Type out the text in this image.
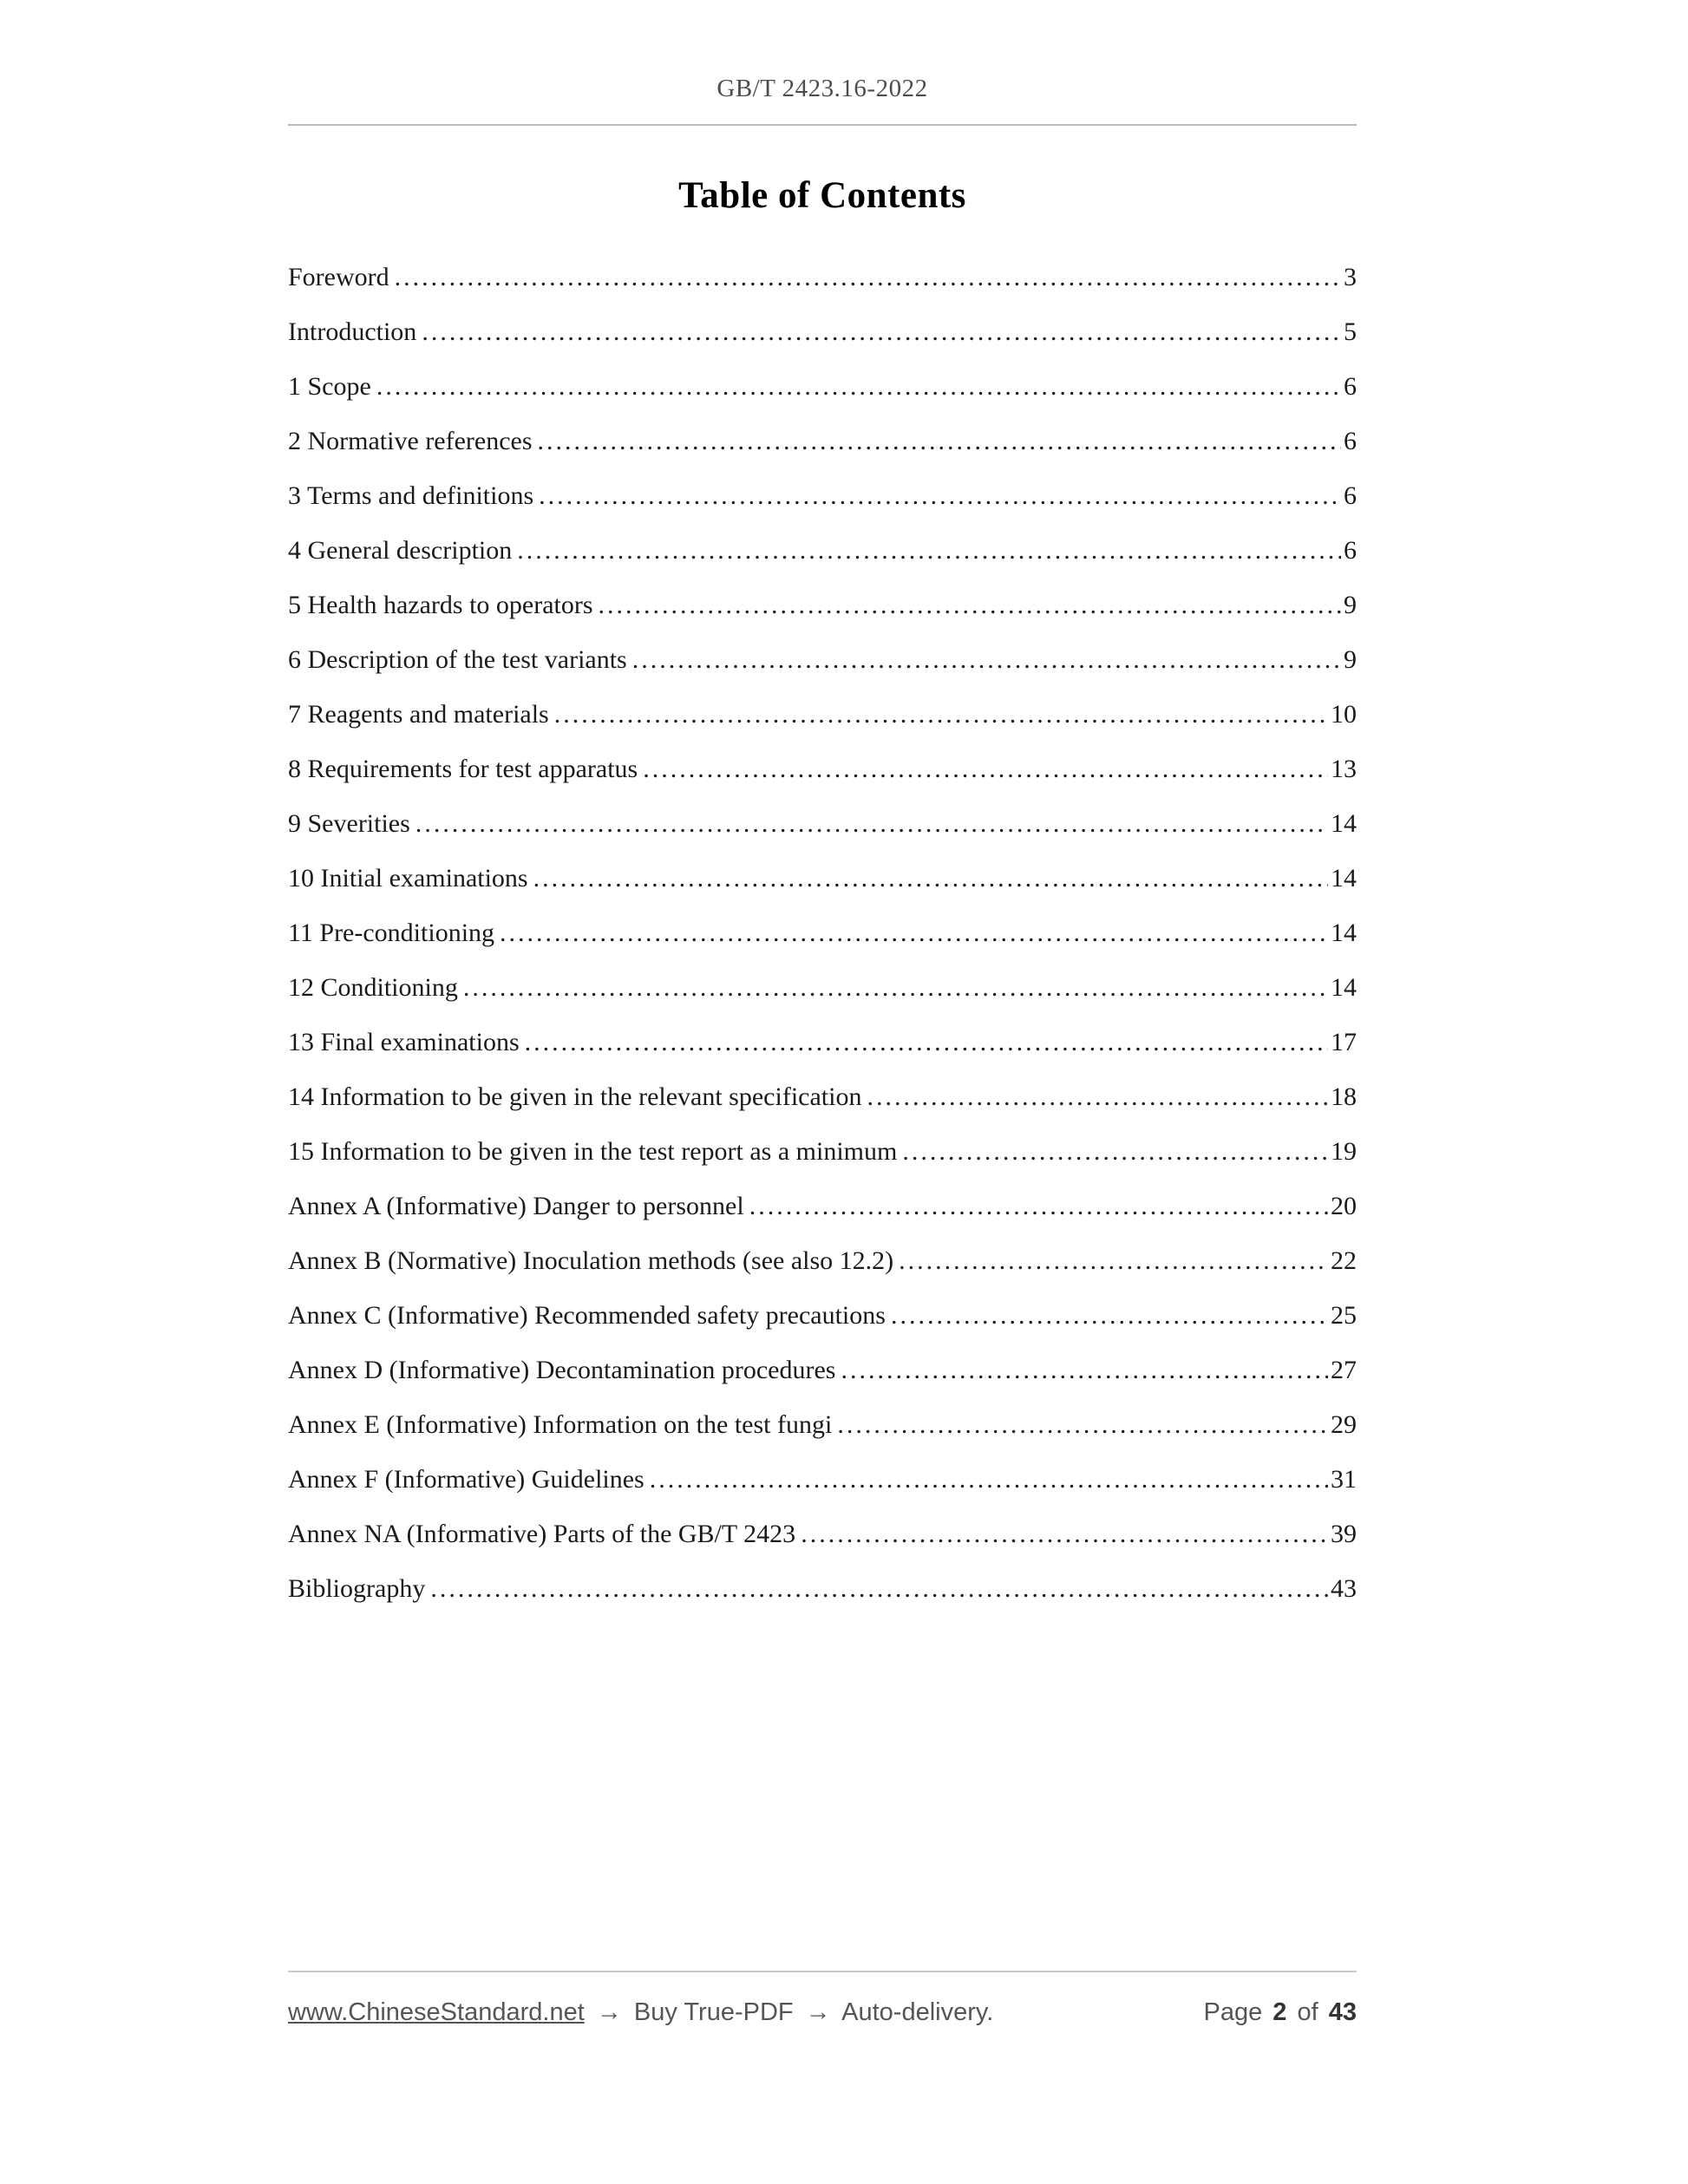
GB/T 2423.16-2022
Table of Contents
Foreword .....	3
Introduction .....	5
1 Scope .....	6
2 Normative references .....	6
3 Terms and definitions .....	6
4 General description .....	6
5 Health hazards to operators .....	9
6 Description of the test variants .....	9
7 Reagents and materials .....	10
8 Requirements for test apparatus .....	13
9 Severities .....	14
10 Initial examinations .....	14
11 Pre-conditioning .....	14
12 Conditioning .....	14
13 Final examinations .....	17
14 Information to be given in the relevant specification .....	18
15 Information to be given in the test report as a minimum .....	19
Annex A (Informative) Danger to personnel .....	20
Annex B (Normative) Inoculation methods (see also 12.2) .....	22
Annex C (Informative) Recommended safety precautions .....	25
Annex D (Informative) Decontamination procedures .....	27
Annex E (Informative) Information on the test fungi .....	29
Annex F (Informative) Guidelines .....	31
Annex NA (Informative) Parts of the GB/T 2423 .....	39
Bibliography .....	43
www.ChineseStandard.net → Buy True-PDF → Auto-delivery.	Page 2 of 43
